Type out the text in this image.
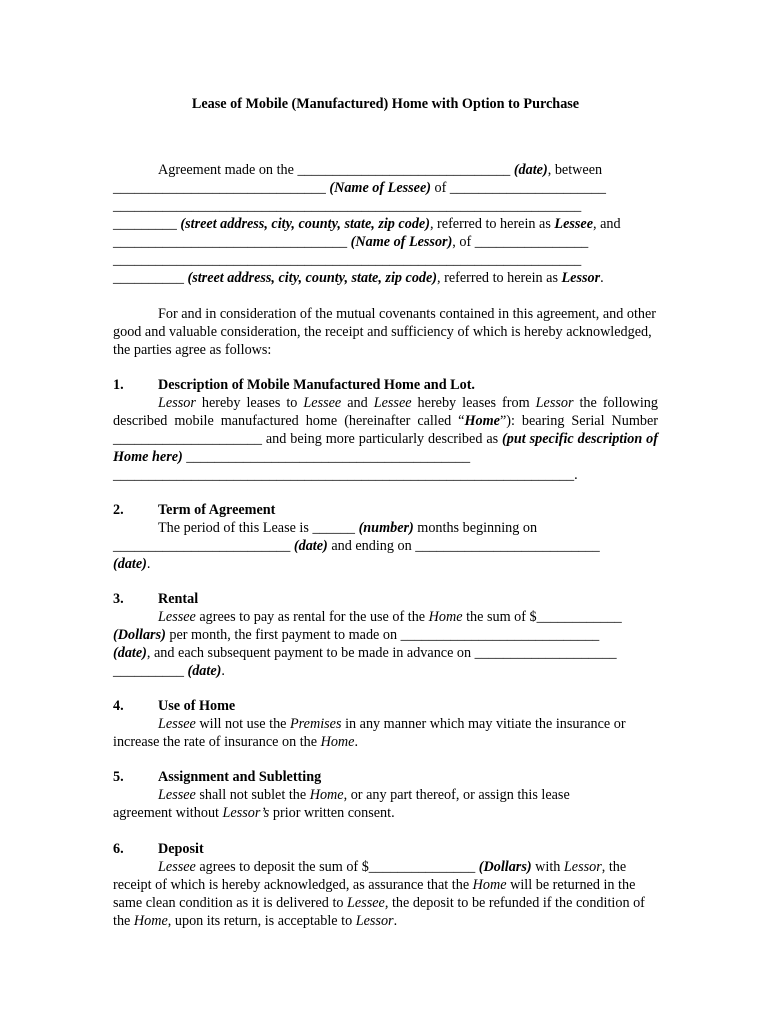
Lease of Mobile (Manufactured) Home with Option to Purchase
Agreement made on the ______________________________ (date), between
______________________________ (Name of Lessee) of ______________________
__________________________________________________________________
_________ (street address, city, county, state, zip code), referred to herein as Lessee, and
_________________________________ (Name of Lessor), of ________________
__________________________________________________________________
__________ (street address, city, county, state, zip code), referred to herein as Lessor.
For and in consideration of the mutual covenants contained in this agreement, and other good and valuable consideration, the receipt and sufficiency of which is hereby acknowledged, the parties agree as follows:
1. Description of Mobile Manufactured Home and Lot.
Lessor hereby leases to Lessee and Lessee hereby leases from Lessor the following described mobile manufactured home (hereinafter called “Home”): bearing Serial Number _____________________ and being more particularly described as (put specific description of Home here) ________________________________________
_________________________________________________________________.
2. Term of Agreement
The period of this Lease is ______ (number) months beginning on
_________________________ (date) and ending on __________________________
(date).
3. Rental
Lessee agrees to pay as rental for the use of the Home the sum of $____________
(Dollars) per month, the first payment to made on ____________________________
(date), and each subsequent payment to be made in advance on ____________________
__________ (date).
4. Use of Home
Lessee will not use the Premises in any manner which may vitiate the insurance or increase the rate of insurance on the Home.
5. Assignment and Subletting
Lessee shall not sublet the Home, or any part thereof, or assign this lease agreement without Lessor’s prior written consent.
6. Deposit
Lessee agrees to deposit the sum of $_______________ (Dollars) with Lessor, the receipt of which is hereby acknowledged, as assurance that the Home will be returned in the same clean condition as it is delivered to Lessee, the deposit to be refunded if the condition of the Home, upon its return, is acceptable to Lessor.
